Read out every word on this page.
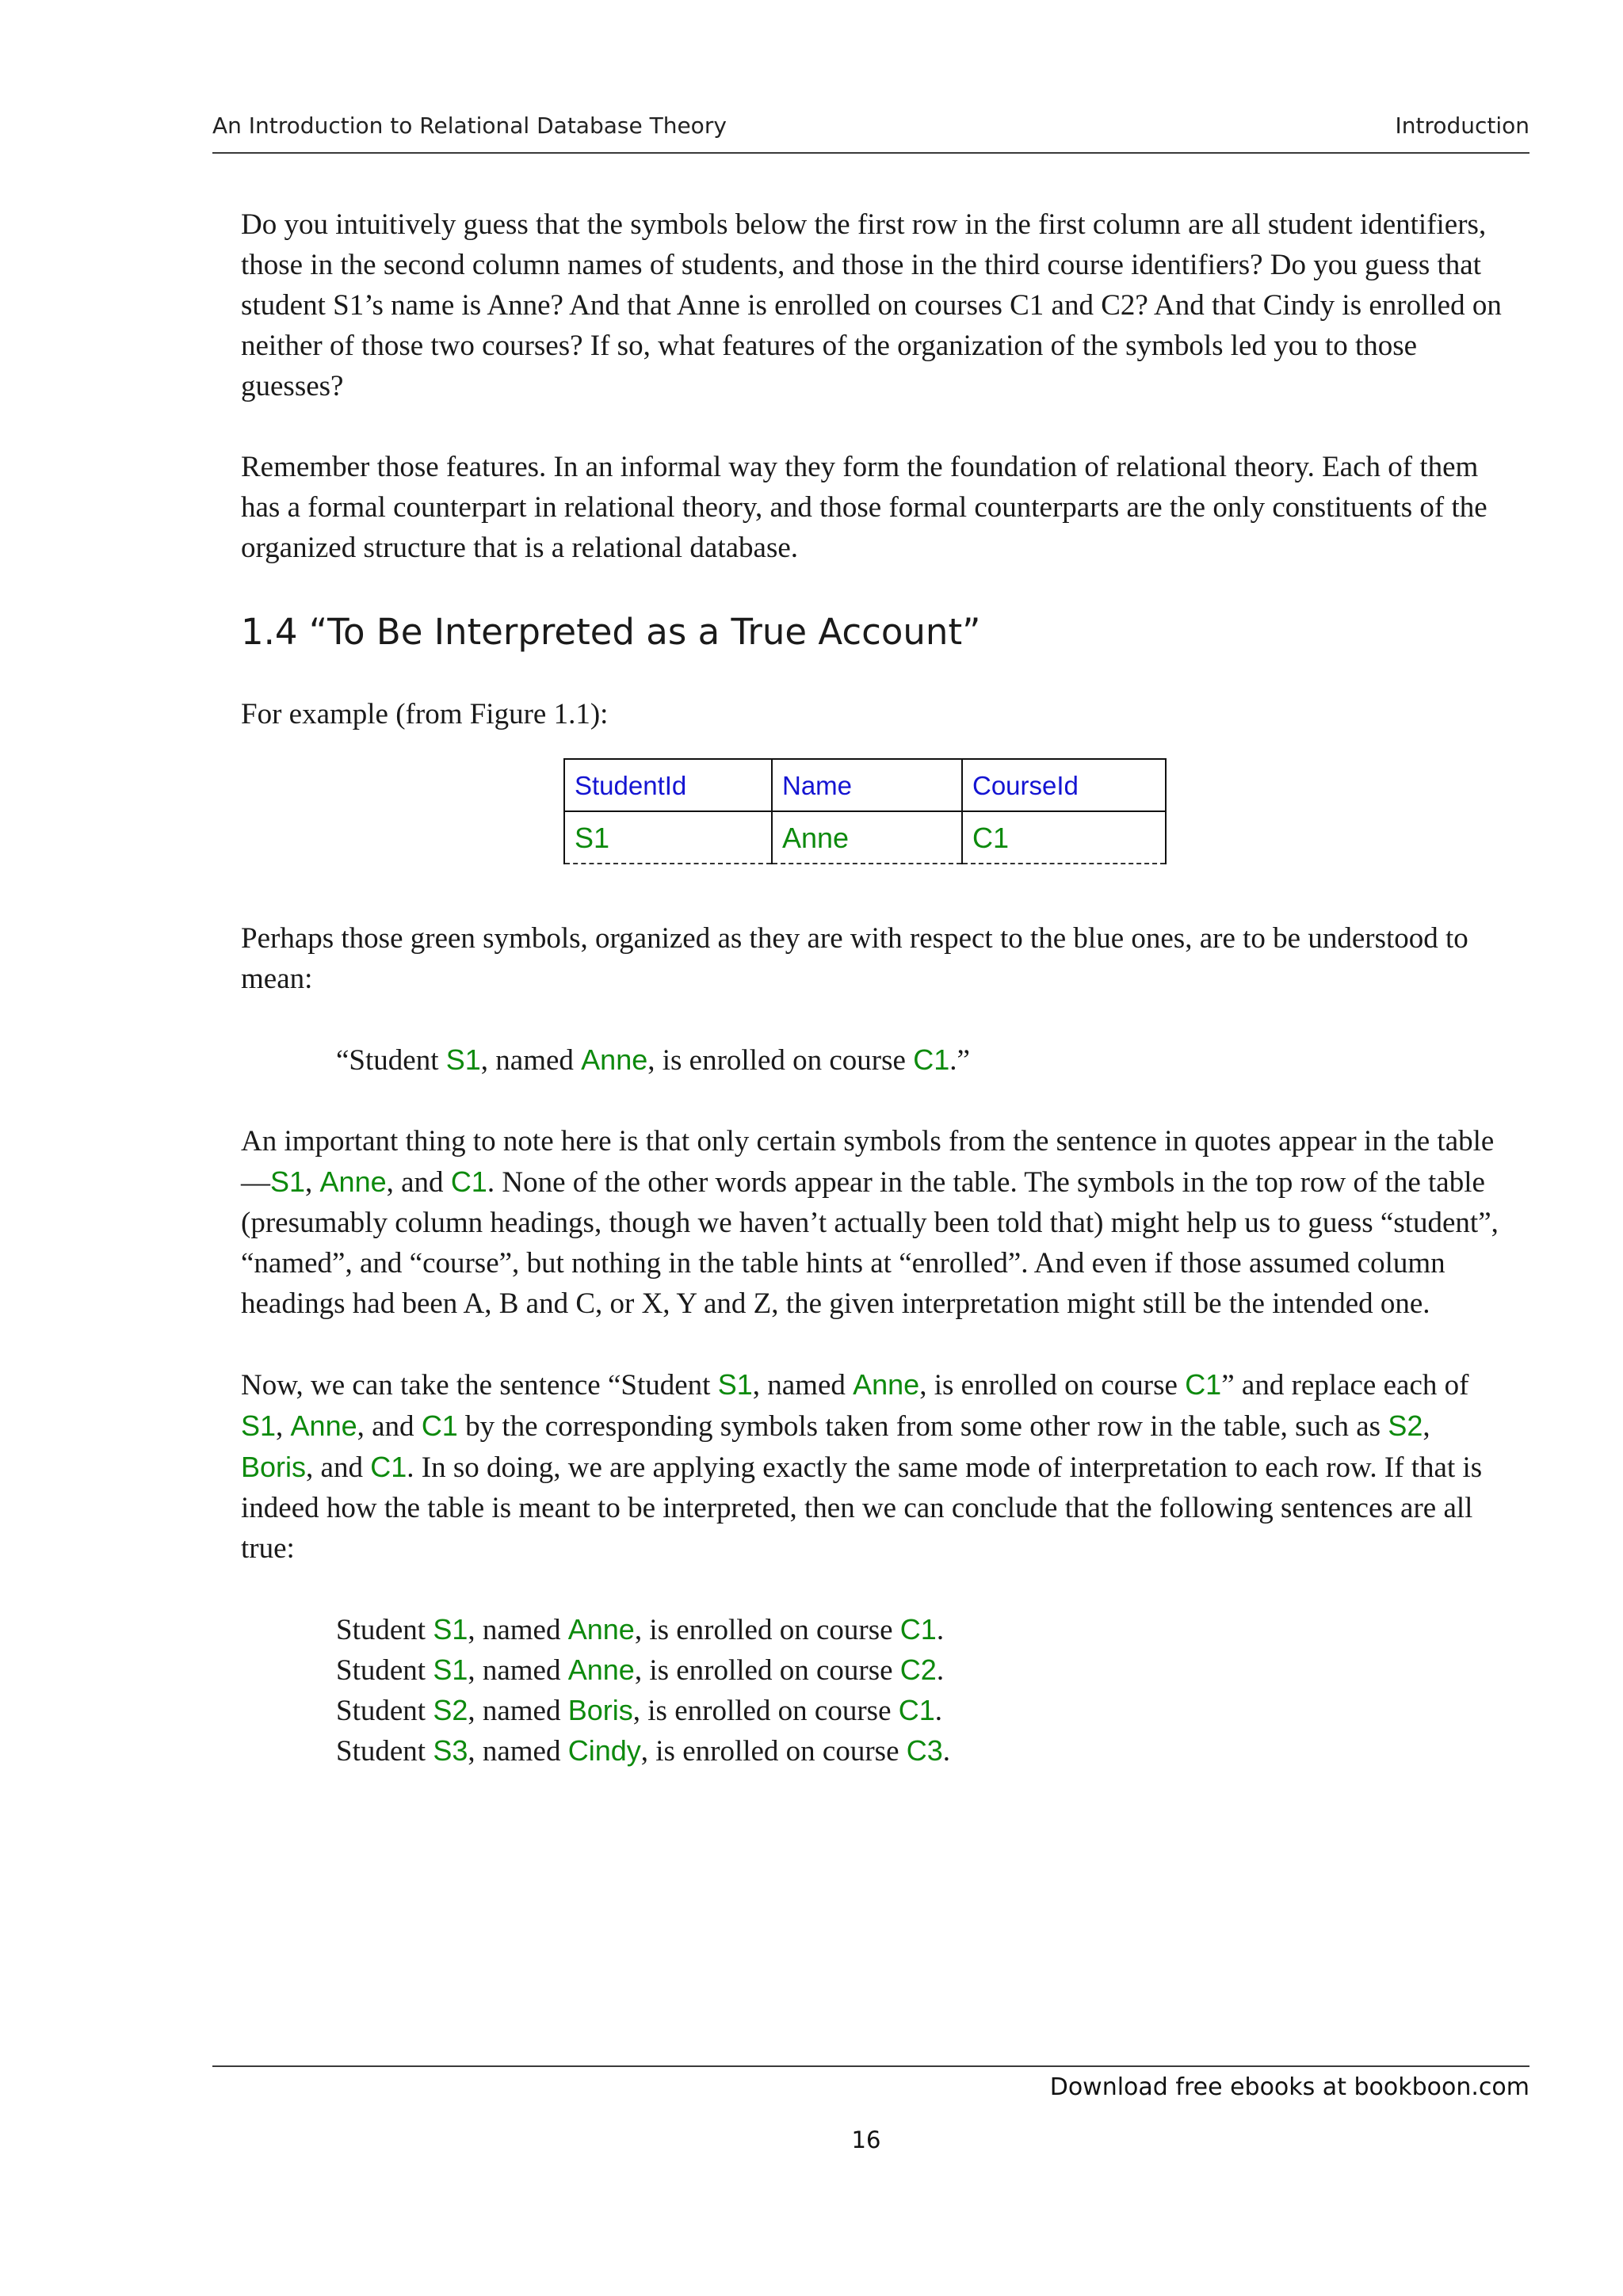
An Introduction to Relational Database Theory	Introduction

Do you intuitively guess that the symbols below the first row in the first column are all student identifiers, those in the second column names of students, and those in the third course identifiers? Do you guess that student S1’s name is Anne? And that Anne is enrolled on courses C1 and C2? And that Cindy is enrolled on neither of those two courses? If so, what features of the organization of the symbols led you to those guesses?

Remember those features. In an informal way they form the foundation of relational theory. Each of them has a formal counterpart in relational theory, and those formal counterparts are the only constituents of the organized structure that is a relational database.

1.4 “To Be Interpreted as a True Account”

For example (from Figure 1.1):

StudentId	Name	CourseId
S1	Anne	C1

Perhaps those green symbols, organized as they are with respect to the blue ones, are to be understood to mean:

“Student S1, named Anne, is enrolled on course C1.”

An important thing to note here is that only certain symbols from the sentence in quotes appear in the table—S1, Anne, and C1. None of the other words appear in the table. The symbols in the top row of the table (presumably column headings, though we haven’t actually been told that) might help us to guess “student”, “named”, and “course”, but nothing in the table hints at “enrolled”. And even if those assumed column headings had been A, B and C, or X, Y and Z, the given interpretation might still be the intended one.

Now, we can take the sentence “Student S1, named Anne, is enrolled on course C1” and replace each of S1, Anne, and C1 by the corresponding symbols taken from some other row in the table, such as S2, Boris, and C1. In so doing, we are applying exactly the same mode of interpretation to each row. If that is indeed how the table is meant to be interpreted, then we can conclude that the following sentences are all true:

Student S1, named Anne, is enrolled on course C1.
Student S1, named Anne, is enrolled on course C2.
Student S2, named Boris, is enrolled on course C1.
Student S3, named Cindy, is enrolled on course C3.
Download free ebooks at bookboon.com
16
